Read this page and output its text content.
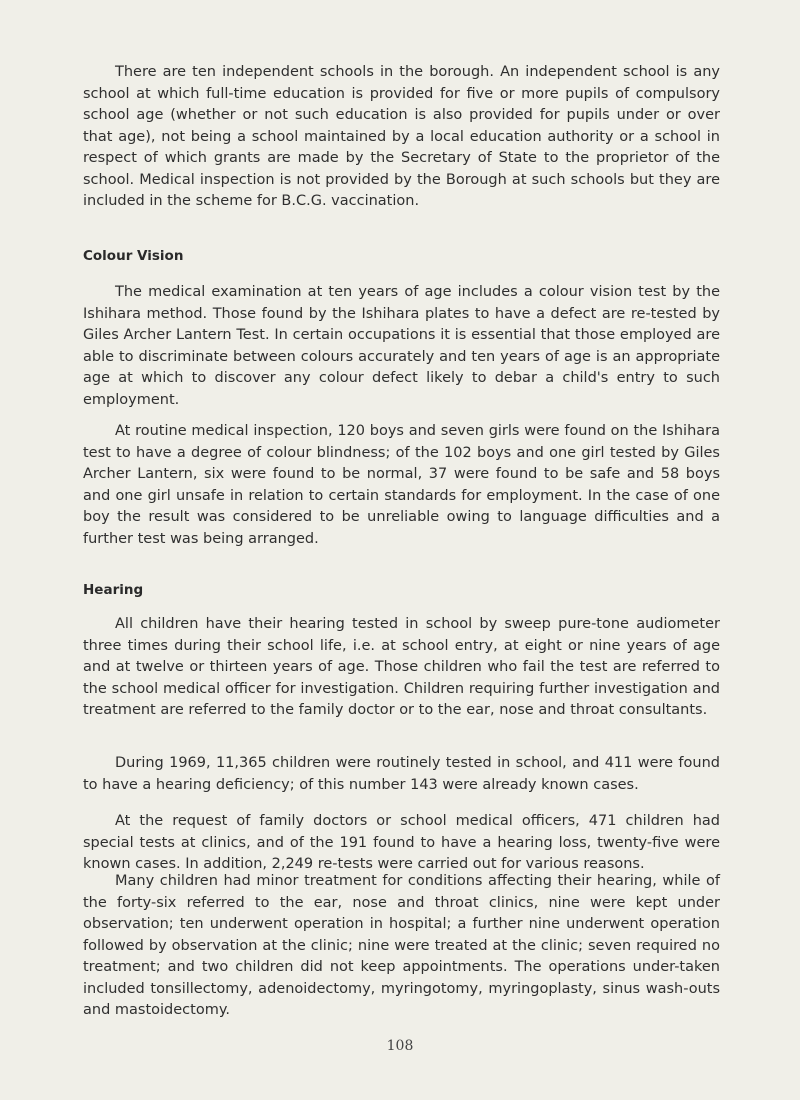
There are ten independent schools in the borough. An independent school is any school at which full-time education is provided for five or more pupils of compulsory school age (whether or not such education is also provided for pupils under or over that age), not being a school maintained by a local education authority or a school in respect of which grants are made by the Secretary of State to the proprietor of the school. Medical inspection is not provided by the Borough at such schools but they are included in the scheme for B.C.G. vaccination.

Colour Vision

The medical examination at ten years of age includes a colour vision test by the Ishihara method. Those found by the Ishihara plates to have a defect are re-tested by Giles Archer Lantern Test. In certain occupations it is essential that those employed are able to discriminate between colours accurately and ten years of age is an appropriate age at which to discover any colour defect likely to debar a child's entry to such employment.

At routine medical inspection, 120 boys and seven girls were found on the Ishihara test to have a degree of colour blindness; of the 102 boys and one girl tested by Giles Archer Lantern, six were found to be normal, 37 were found to be safe and 58 boys and one girl unsafe in relation to certain standards for employment. In the case of one boy the result was considered to be unreliable owing to language difficulties and a further test was being arranged.

Hearing

All children have their hearing tested in school by sweep pure-tone audiometer three times during their school life, i.e. at school entry, at eight or nine years of age and at twelve or thirteen years of age. Those children who fail the test are referred to the school medical officer for investigation. Children requiring further investigation and treatment are referred to the family doctor or to the ear, nose and throat consultants.

During 1969, 11,365 children were routinely tested in school, and 411 were found to have a hearing deficiency; of this number 143 were already known cases.

At the request of family doctors or school medical officers, 471 children had special tests at clinics, and of the 191 found to have a hearing loss, twenty-five were known cases. In addition, 2,249 re-tests were carried out for various reasons.

Many children had minor treatment for conditions affecting their hearing, while of the forty-six referred to the ear, nose and throat clinics, nine were kept under observation; ten underwent operation in hospital; a further nine underwent operation followed by observation at the clinic; nine were treated at the clinic; seven required no treatment; and two children did not keep appointments. The operations under-taken included tonsillectomy, adenoidectomy, myringotomy, myringoplasty, sinus wash-outs and mastoidectomy.

108
